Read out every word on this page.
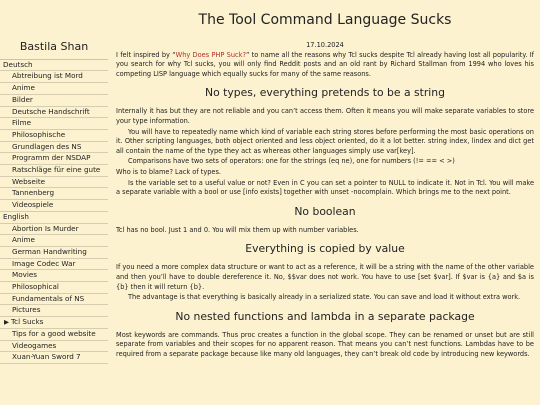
Bastila Shan
Deutsch
Abtreibung ist Mord
Anime
Bilder
Deutsche Handschrift
Filme
Philosophische
Grundlagen des NS
Programm der NSDAP
Ratschläge für eine gute
Webseite
Tannenberg
Videospiele
English
Abortion Is Murder
Anime
German Handwriting
Image Codec War
Movies
Philosophical
Fundamentals of NS
Pictures
▶ Tcl Sucks
Tips for a good website
Videogames
Xuan-Yuan Sword 7
The Tool Command Language Sucks

17.10.2024

I felt inspired by “Why Does PHP Suck?” to name all the reasons why Tcl sucks despite Tcl already having lost all popularity. If you search for why Tcl sucks, you will only find Reddit posts and an old rant by Richard Stallman from 1994 who loves his competing LISP language which equally sucks for many of the same reasons.

No types, everything pretends to be a string

Internally it has but they are not reliable and you can’t access them. Often it means you will make separate variables to store your type information.

You will have to repeatedly name which kind of variable each string stores before performing the most basic operations on it. Other scripting languages, both object oriented and less object oriented, do it a lot better. string index, lindex and dict get all contain the name of the type they act as whereas other languages simply use var[key].

Comparisons have two sets of operators: one for the strings (eq ne), one for numbers (!= == < >)

Who is to blame? Lack of types.

Is the variable set to a useful value or not? Even in C you can set a pointer to NULL to indicate it. Not in Tcl. You will make a separate variable with a bool or use [info exists] together with unset -nocomplain. Which brings me to the next point.

No boolean

Tcl has no bool. Just 1 and 0. You will mix them up with number variables.

Everything is copied by value

If you need a more complex data structure or want to act as a reference, it will be a string with the name of the other variable and then you’ll have to double dereference it. No, $$var does not work. You have to use [set $var]. If $var is {a} and $a is {b} then it will return {b}.

The advantage is that everything is basically already in a serialized state. You can save and load it without extra work.

No nested functions and lambda in a separate package

Most keywords are commands. Thus proc creates a function in the global scope. They can be renamed or unset but are still separate from variables and their scopes for no apparent reason. That means you can’t nest functions. Lambdas have to be required from a separate package because like many old languages, they can’t break old code by introducing new keywords.
